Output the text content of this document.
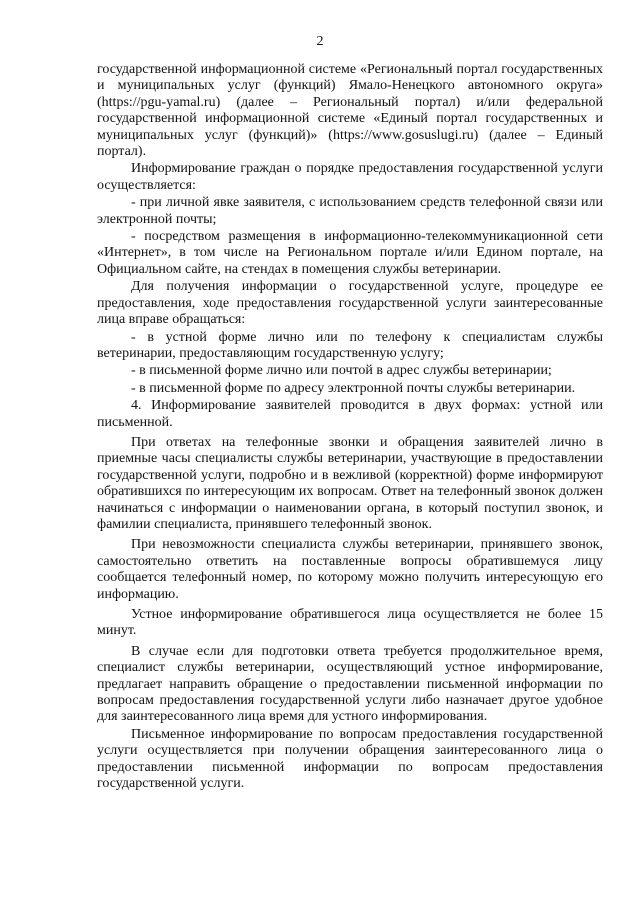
2

государственной информационной системе «Региональный портал государственных и муниципальных услуг (функций) Ямало-Ненецкого автономного округа» (https://pgu-yamal.ru) (далее – Региональный портал) и/или федеральной государственной информационной системе «Единый портал государственных и муниципальных услуг (функций)» (https://www.gosuslugi.ru) (далее – Единый портал).

Информирование граждан о порядке предоставления государственной услуги осуществляется:

- при личной явке заявителя, с использованием средств телефонной связи или электронной почты;

- посредством размещения в информационно-телекоммуникационной сети «Интернет», в том числе на Региональном портале и/или Едином портале, на Официальном сайте, на стендах в помещения службы ветеринарии.

Для получения информации о государственной услуге, процедуре ее предоставления, ходе предоставления государственной услуги заинтересованные лица вправе обращаться:

- в устной форме лично или по телефону к специалистам службы ветеринарии, предоставляющим государственную услугу;

- в письменной форме лично или почтой в адрес службы ветеринарии;

- в письменной форме по адресу электронной почты службы ветеринарии.

4. Информирование заявителей проводится в двух формах: устной или письменной.

При ответах на телефонные звонки и обращения заявителей лично в приемные часы специалисты службы ветеринарии, участвующие в предоставлении государственной услуги, подробно и в вежливой (корректной) форме информируют обратившихся по интересующим их вопросам. Ответ на телефонный звонок должен начинаться с информации о наименовании органа, в который поступил звонок, и фамилии специалиста, принявшего телефонный звонок.

При невозможности специалиста службы ветеринарии, принявшего звонок, самостоятельно ответить на поставленные вопросы обратившемуся лицу сообщается телефонный номер, по которому можно получить интересующую его информацию.

Устное информирование обратившегося лица осуществляется не более 15 минут.

В случае если для подготовки ответа требуется продолжительное время, специалист службы ветеринарии, осуществляющий устное информирование, предлагает направить обращение о предоставлении письменной информации по вопросам предоставления государственной услуги либо назначает другое удобное для заинтересованного лица время для устного информирования.

Письменное информирование по вопросам предоставления государственной услуги осуществляется при получении обращения заинтересованного лица о предоставлении письменной информации по вопросам предоставления государственной услуги.
